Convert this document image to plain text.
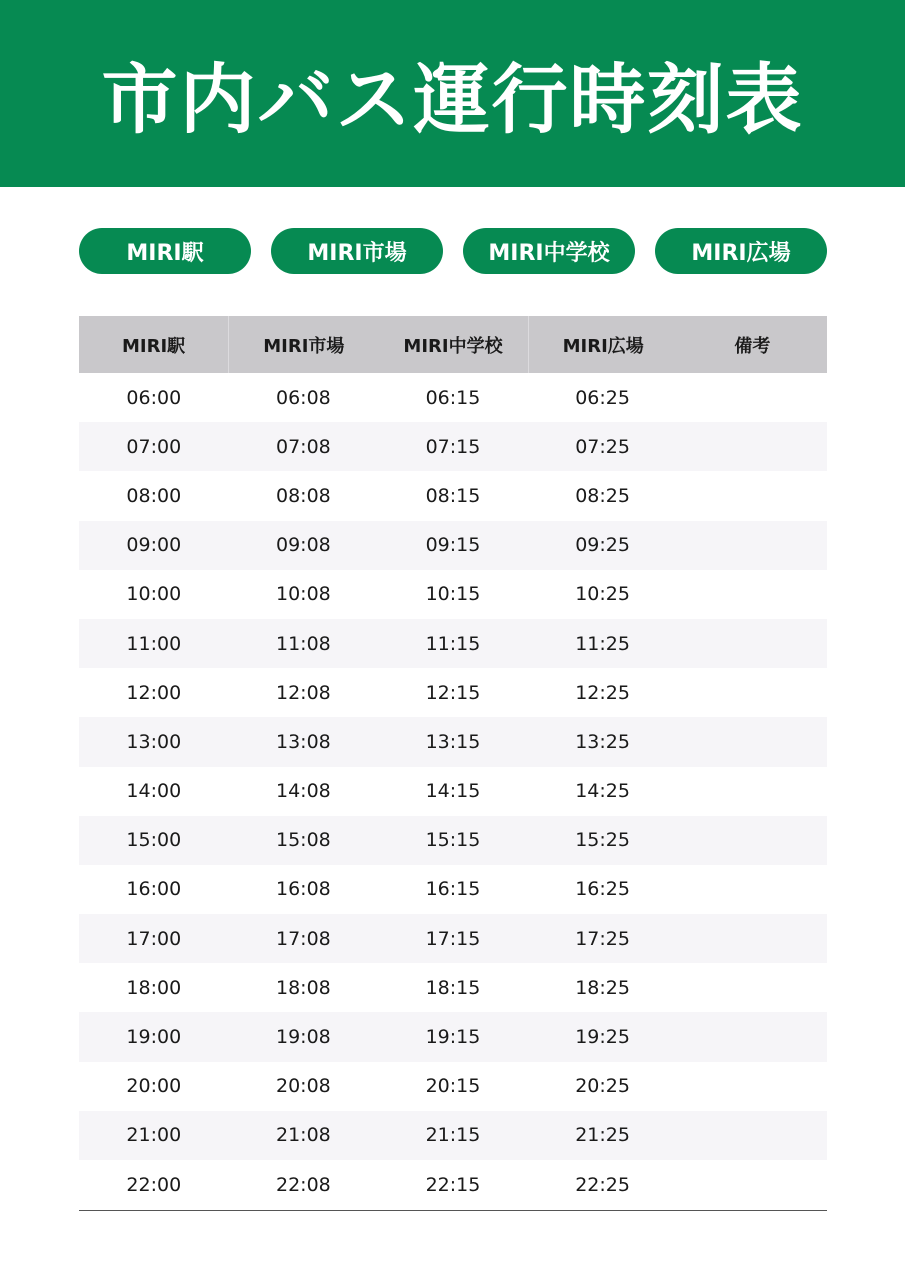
市内バス運行時刻表
MIRI駅	MIRI市場	MIRI中学校	MIRI広場
MIRI駅	MIRI市場	MIRI中学校	MIRI広場	備考
06:00	06:08	06:15	06:25
07:00	07:08	07:15	07:25
08:00	08:08	08:15	08:25
09:00	09:08	09:15	09:25
10:00	10:08	10:15	10:25
11:00	11:08	11:15	11:25
12:00	12:08	12:15	12:25
13:00	13:08	13:15	13:25
14:00	14:08	14:15	14:25
15:00	15:08	15:15	15:25
16:00	16:08	16:15	16:25
17:00	17:08	17:15	17:25
18:00	18:08	18:15	18:25
19:00	19:08	19:15	19:25
20:00	20:08	20:15	20:25
21:00	21:08	21:15	21:25
22:00	22:08	22:15	22:25
